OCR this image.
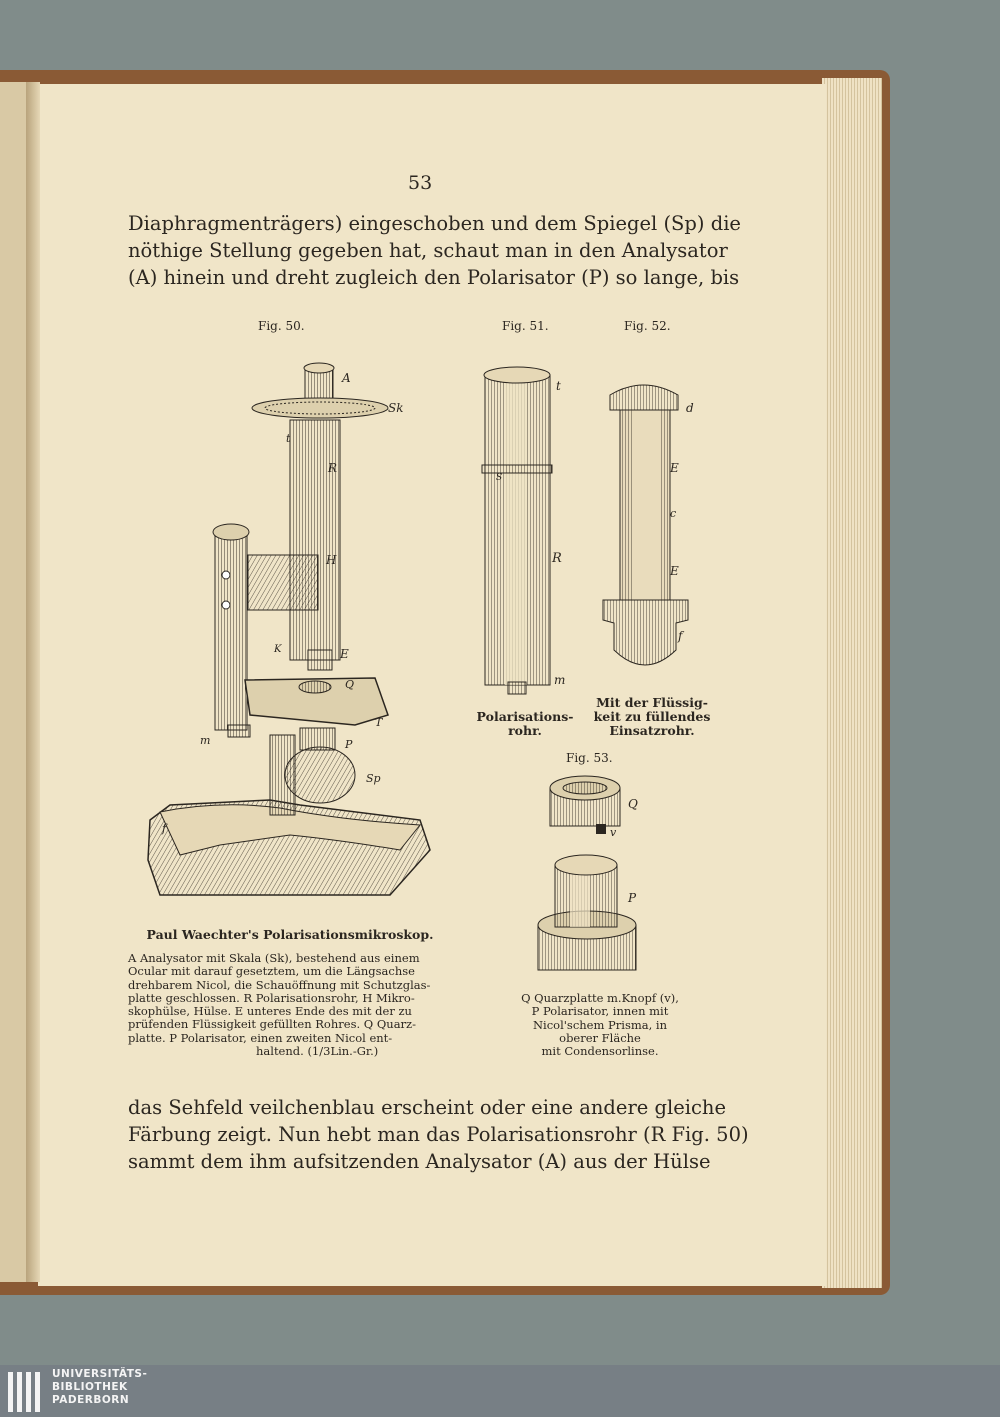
53
Diaphragmenträgers) eingeschoben und dem Spiegel (Sp) die
nöthige Stellung gegeben hat, schaut man in den Analysator
(A) hinein und dreht zugleich den Polarisator (P) so lange, bis
Fig. 50.	Fig. 51.	Fig. 52.
Fig. 53.
A
Sk
t
R
H
K	E
Q
T
m	P
Sp
f
t
S
R
m
d
E
c
E
f
Q
v
P
Paul Waechter's Polarisationsmikroskop.
A Analysator mit Skala (Sk), bestehend aus einem
Ocular mit darauf gesetztem, um die Längsachse
drehbarem Nicol, die Schauöffnung mit Schutzglas-
platte geschlossen. R Polarisationsrohr, H Mikro-
skophülse, Hülse. E unteres Ende des mit der zu
prüfenden Flüssigkeit gefüllten Rohres. Q Quarz-
platte. P Polarisator, einen zweiten Nicol ent-
haltend. (1/3Lin.-Gr.)
Polarisations-
rohr.
Mit der Flüssig-
keit zu füllendes
Einsatzrohr.
Q Quarzplatte m.Knopf (v),
P Polarisator, innen mit
Nicol'schem Prisma, in
oberer Fläche
mit Condensorlinse.
das Sehfeld veilchenblau erscheint oder eine andere gleiche
Färbung zeigt. Nun hebt man das Polarisationsrohr (R Fig. 50)
sammt dem ihm aufsitzenden Analysator (A) aus der Hülse
UNIVERSITÄTS-
BIBLIOTHEK
PADERBORN
